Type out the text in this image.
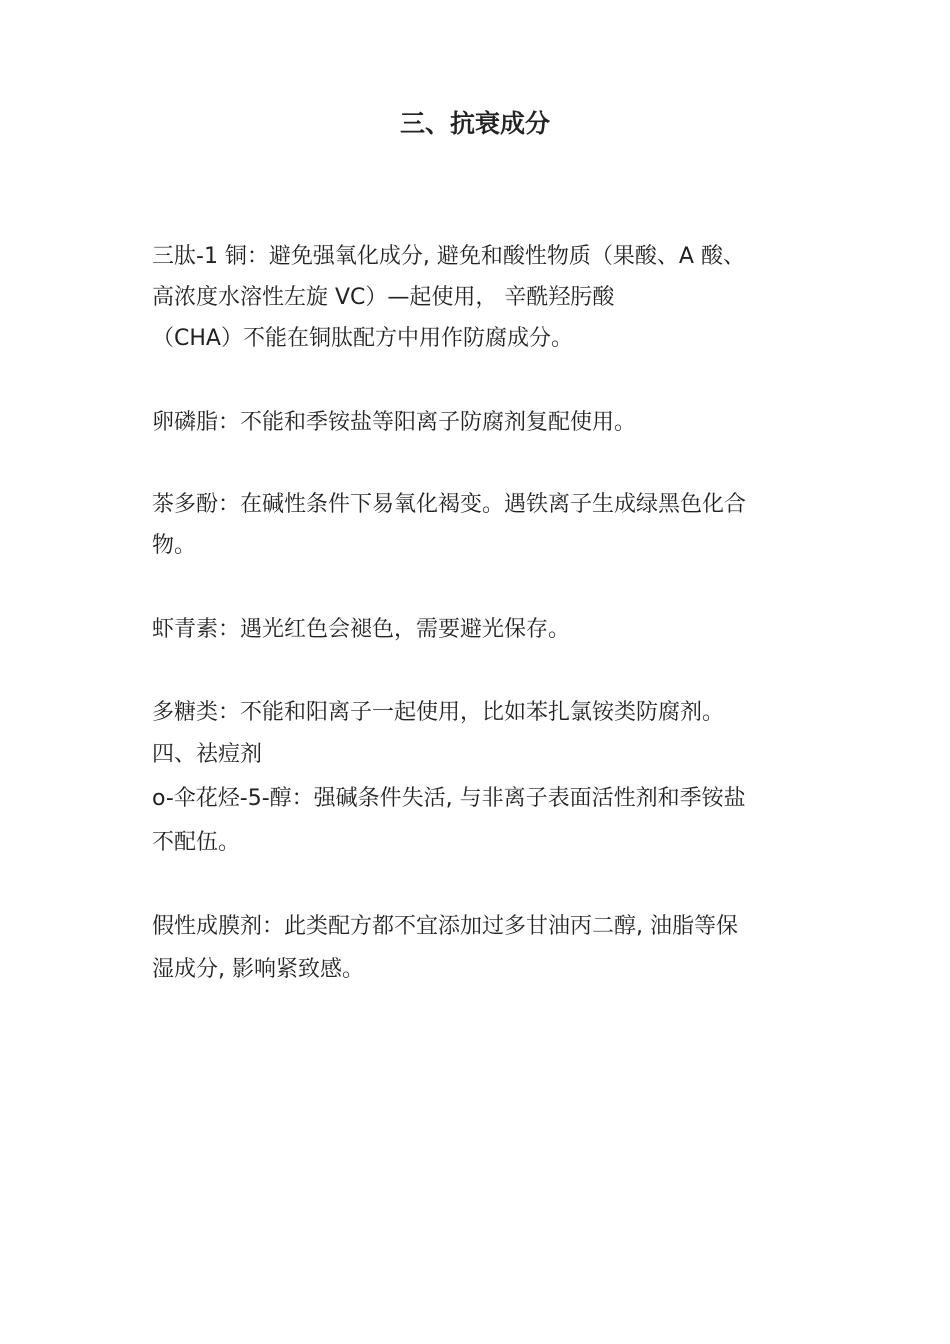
三、抗衰成分
三肽-1 铜：避免强氧化成分, 避免和酸性物质（果酸、A 酸、
高浓度水溶性左旋 VC）—起使用， 辛酰羟肟酸
（CHA）不能在铜肽配方中用作防腐成分。
卵磷脂：不能和季铵盐等阳离子防腐剂复配使用。
茶多酚：在碱性条件下易氧化褐变。遇铁离子生成绿黑色化合
物。
虾青素：遇光红色会褪色，需要避光保存。
多糖类：不能和阳离子一起使用，比如苯扎氯铵类防腐剂。
四、祛痘剂
o-伞花烃-5-醇：强碱条件失活, 与非离子表面活性剂和季铵盐
不配伍。
假性成膜剂：此类配方都不宜添加过多甘油丙二醇, 油脂等保
湿成分, 影响紧致感。
